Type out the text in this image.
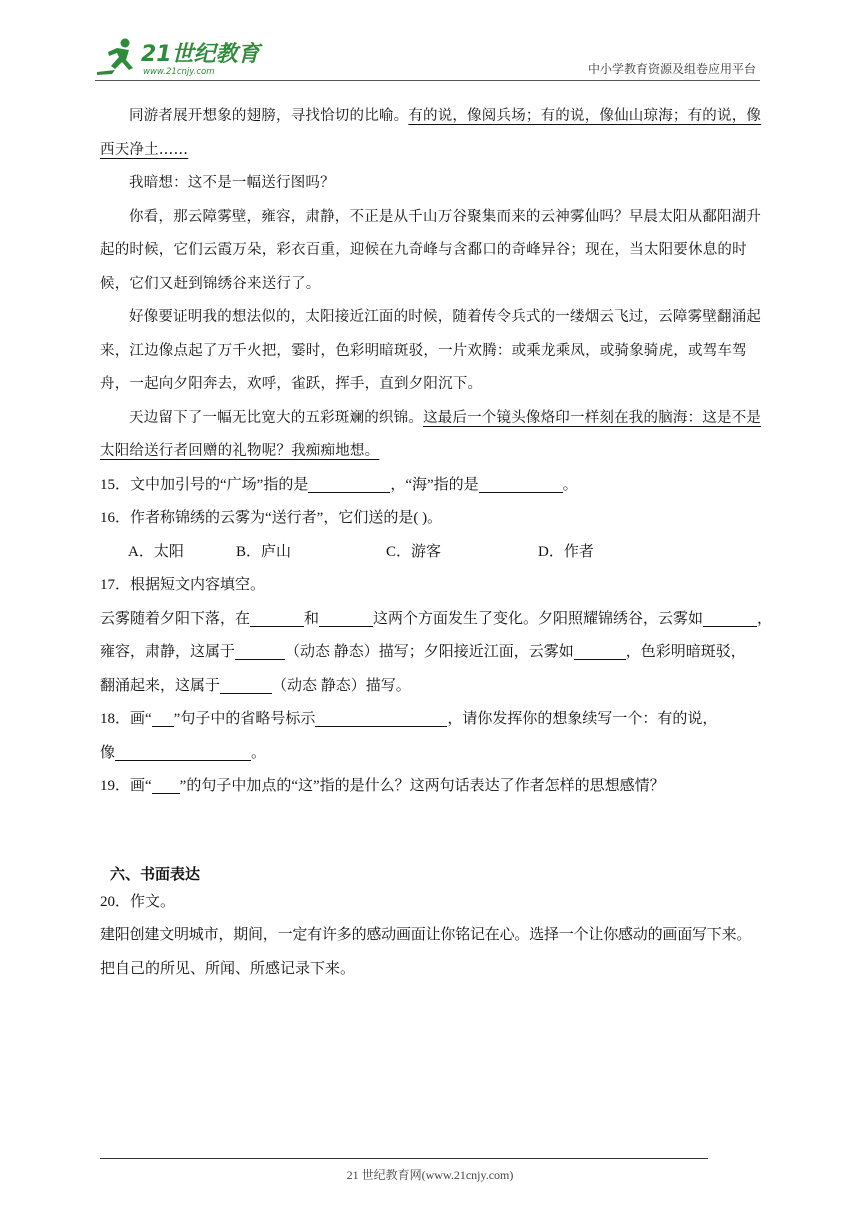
21世纪教育
www.21cnjy.com	中小学教育资源及组卷应用平台

同游者展开想象的翅膀，寻找恰切的比喻。有的说，像阅兵场；有的说，像仙山琼海；有的说，像西天净土……

我暗想：这不是一幅送行图吗？

你看，那云障雾壁，雍容，肃静，不正是从千山万谷聚集而来的云神雾仙吗？早晨太阳从鄱阳湖升起的时候，它们云霞万朵，彩衣百重，迎候在九奇峰与含鄱口的奇峰异谷；现在，当太阳要休息的时候，它们又赶到锦绣谷来送行了。

好像要证明我的想法似的，太阳接近江面的时候，随着传令兵式的一缕烟云飞过，云障雾壁翻涌起来，江边像点起了万千火把，霎时，色彩明暗斑驳，一片欢腾：或乘龙乘凤，或骑象骑虎，或驾车驾舟，一起向夕阳奔去，欢呼，雀跃，挥手，直到夕阳沉下。

天边留下了一幅无比宽大的五彩斑斓的织锦。这最后一个镜头像烙印一样刻在我的脑海：这是不是太阳给送行者回赠的礼物呢？我痴痴地想。

15．文中加引号的“广场”指的是	，“海”指的是	。

16．作者称锦绣的云雾为“送行者”，它们送的是( )。

A．太阳	B．庐山	C．游客	D．作者

17．根据短文内容填空。

云雾随着夕阳下落，在	和	这两个方面发生了变化。夕阳照耀锦绣谷，云雾如	，

雍容，肃静，这属于	（动态 静态）描写；夕阳接近江面，云雾如	，色彩明暗斑驳，

翻涌起来，这属于	（动态 静态）描写。

18．画“ ”句子中的省略号标示	，请你发挥你的想象续写一个：有的说，

像	。

19．画“ ”的句子中加点的“这”指的是什么？这两句话表达了作者怎样的思想感情？

六、书面表达

20．作文。

建阳创建文明城市，期间，一定有许多的感动画面让你铭记在心。选择一个让你感动的画面写下来。

把自己的所见、所闻、所感记录下来。

21 世纪教育网(www.21cnjy.com)
